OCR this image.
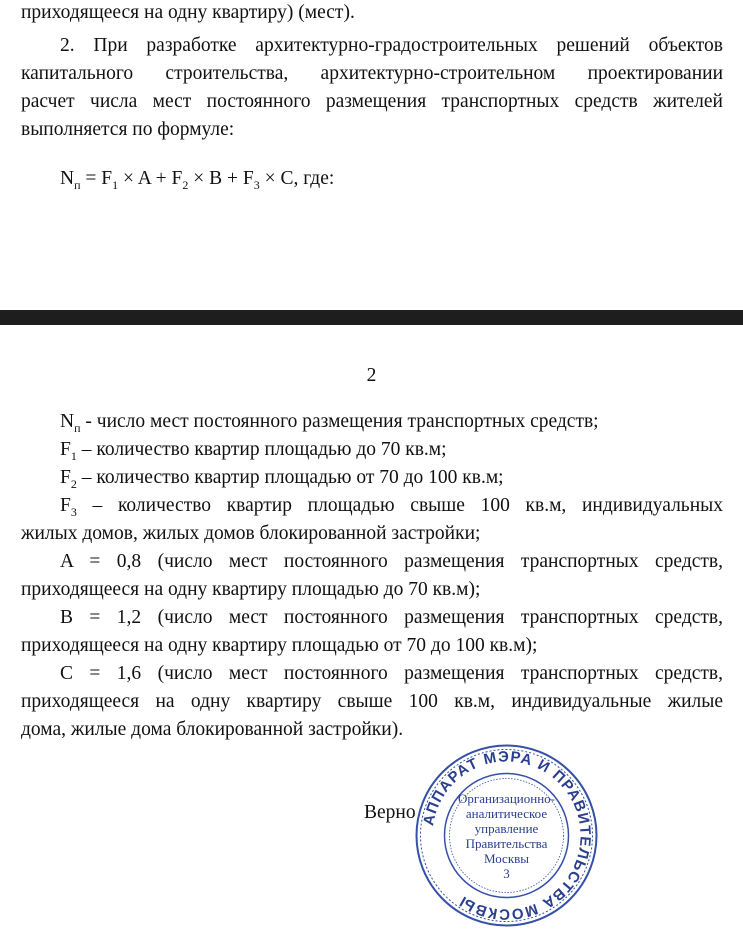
приходящееся на одну квартиру) (мест).
2. При разработке архитектурно-градостроительных решений объектов
капитального строительства, архитектурно-строительном проектировании
расчет числа мест постоянного размещения транспортных средств жителей
выполняется по формуле:
$N_п = F_1 \times A + F_2 \times B + F_3 \times C$, где:
2
$N_п$ - число мест постоянного размещения транспортных средств;
$F_1$ – количество квартир площадью до 70 кв.м;
$F_2$ – количество квартир площадью от 70 до 100 кв.м;
$F_3$ – количество квартир площадью свыше 100 кв.м, индивидуальных
жилых домов, жилых домов блокированной застройки;
A = 0,8 (число мест постоянного размещения транспортных средств,
приходящееся на одну квартиру площадью до 70 кв.м);
B = 1,2 (число мест постоянного размещения транспортных средств,
приходящееся на одну квартиру площадью от 70 до 100 кв.м);
C = 1,6 (число мест постоянного размещения транспортных средств,
приходящееся на одну квартиру свыше 100 кв.м, индивидуальные жилые
дома, жилые дома блокированной застройки).
Верно АППАРАТ МЭРА И ПРАВИТЕЛЬСТВА МОСКВЫ
Организационно-
аналитическое
управление
Правительства
Москвы
3
